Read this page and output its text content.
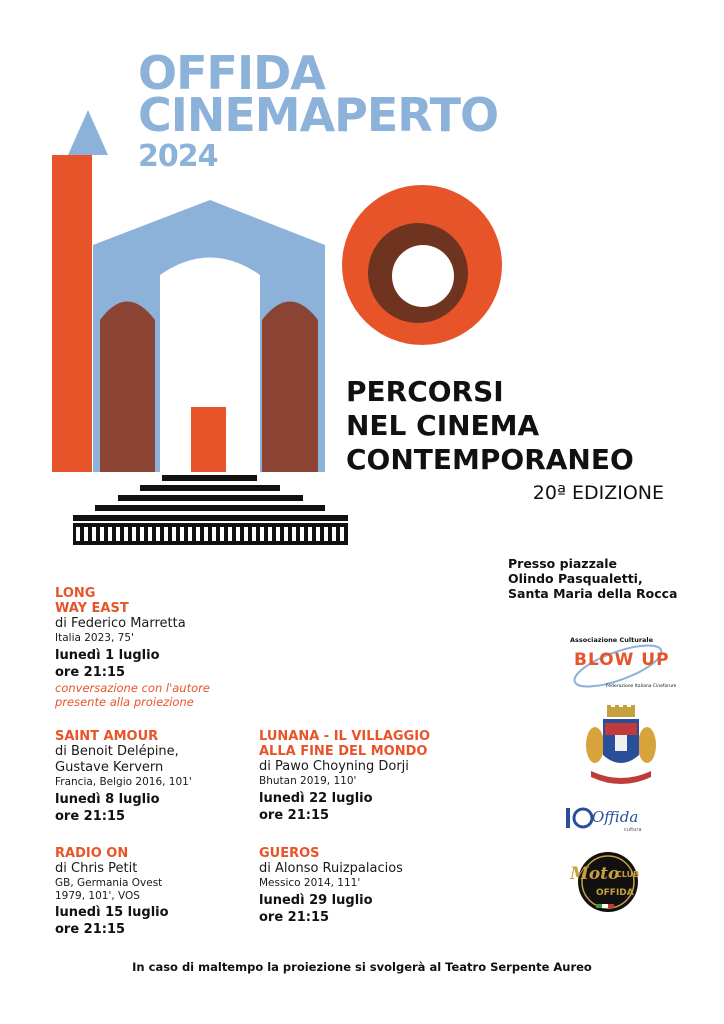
OFFIDA
CINEMAPERTO
2024
PERCORSI
NEL CINEMA
CONTEMPORANEO
20ª EDIZIONE
Presso piazzale
Olindo Pasqualetti,
Santa Maria della Rocca
LONG
WAY EAST
di Federico Marretta
Italia 2023, 75'
lunedì 1 luglio
ore 21:15
conversazione con l'autore
presente alla proiezione
SAINT AMOUR
di Benoit Delépine,
Gustave Kervern
Francia, Belgio 2016, 101'
lunedì 8 luglio
ore 21:15
RADIO ON
di Chris Petit
GB, Germania Ovest
1979, 101', VOS
lunedì 15 luglio
ore 21:15
LUNANA - IL VILLAGGIO
ALLA FINE DEL MONDO
di Pawo Choyning Dorji
Bhutan 2019, 110'
lunedì 22 luglio
ore 21:15
GUEROS
di Alonso Ruizpalacios
Messico 2014, 111'
lunedì 29 luglio
ore 21:15
Associazione Culturale
BLOW UP
Federazione Italiana Cineforum
Offida
cultura
Moto
CLUB
OFFIDA
In caso di maltempo la proiezione si svolgerà al Teatro Serpente Aureo
